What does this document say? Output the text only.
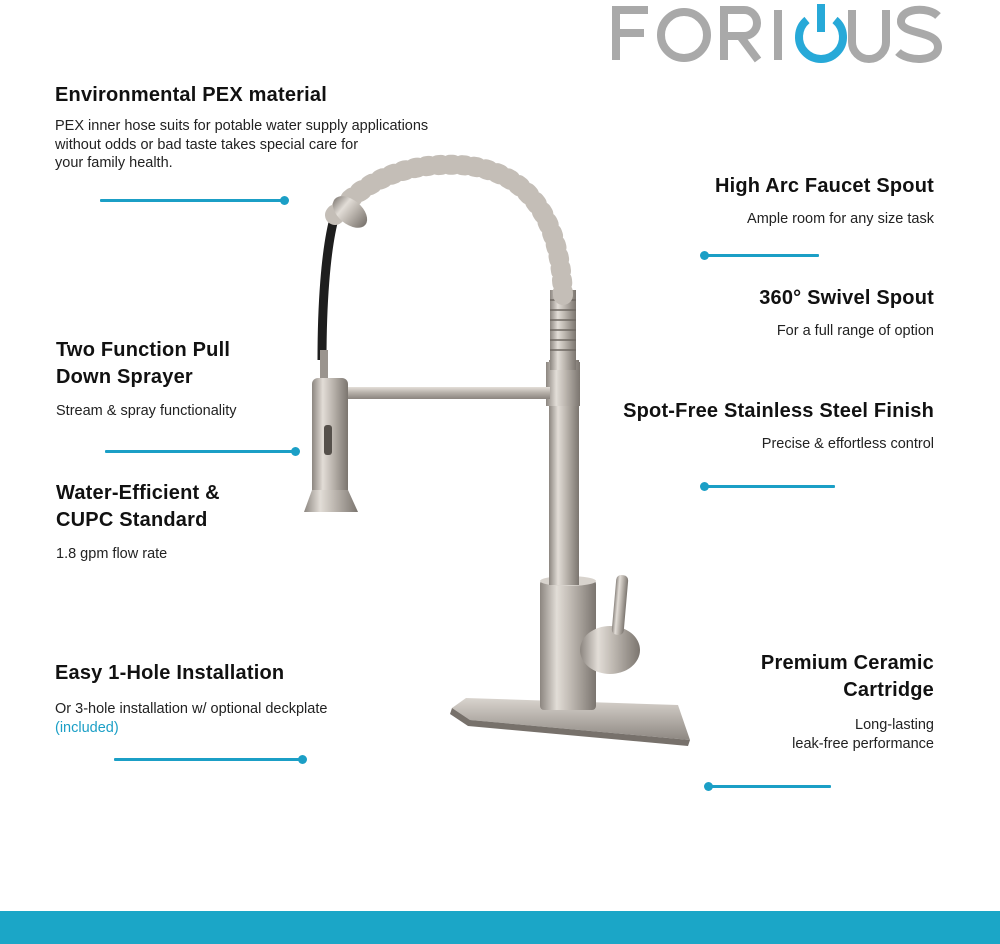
Environmental PEX material

PEX inner hose suits for potable water supply applications
without odds or bad taste takes special care for
your family health.

Two Function Pull
Down Sprayer

Stream & spray functionality

Water-Efficient &
CUPC Standard

1.8 gpm flow rate

Easy 1-Hole Installation

Or 3-hole installation w/ optional deckplate
(included)

High Arc Faucet Spout

Ample room for any size task

360° Swivel Spout

For a full range of option

Spot-Free Stainless Steel Finish

Precise & effortless control

Premium Ceramic
Cartridge

Long-lasting
leak-free performance
